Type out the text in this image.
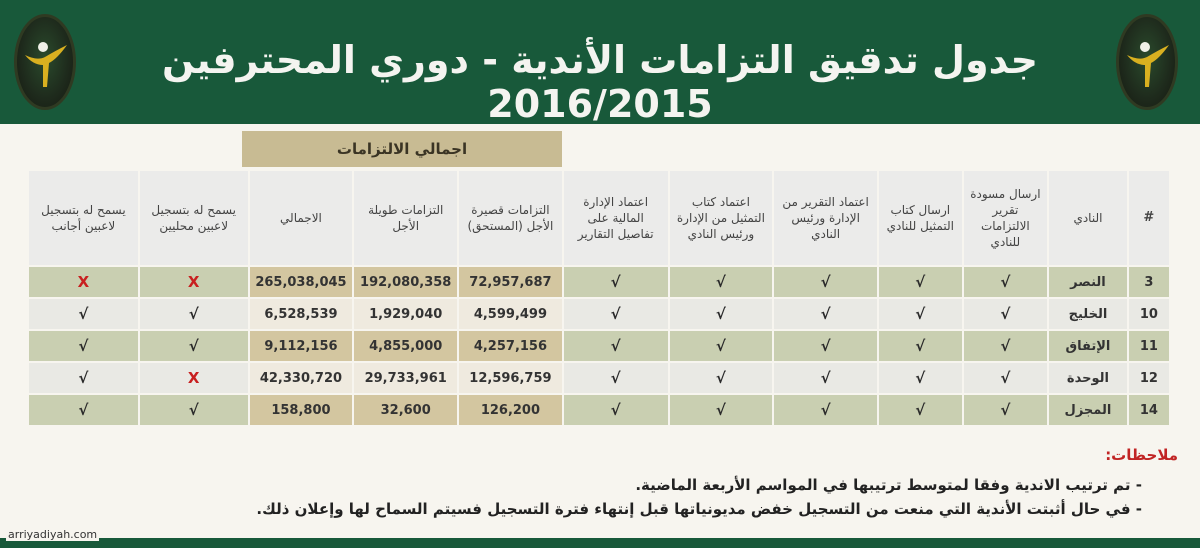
جدول تدقيق التزامات الأندية - دوري المحترفين 2016/2015
اجمالي الالتزامات
#	النادي	ارسال مسودة تقرير الالتزامات للنادي	ارسال كتاب التمثيل للنادي	اعتماد التقرير من الإدارة ورئيس النادي	اعتماد كتاب التمثيل من الإدارة ورئيس النادي	اعتماد الإدارة المالية على تفاصيل التقارير	التزامات قصيرة الأجل (المستحق)	التزامات طويلة الأجل	الاجمالي	يسمح له بتسجيل لاعبين محليين	يسمح له بتسجيل لاعبين أجانب
3	النصر	√	√	√	√	√	72,957,687	192,080,358	265,038,045	X	X
10	الخليج	√	√	√	√	√	4,599,499	1,929,040	6,528,539	√	√
11	الإتفاق	√	√	√	√	√	4,257,156	4,855,000	9,112,156	√	√
12	الوحدة	√	√	√	√	√	12,596,759	29,733,961	42,330,720	X	√
14	المجزل	√	√	√	√	√	126,200	32,600	158,800	√	√
ملاحظات:
- تم ترتيب الاندية وفقا لمتوسط ترتيبها في المواسم الأربعة الماضية.
- في حال أثبتت الأندية التي منعت من التسجيل خفض مديونياتها قبل إنتهاء فترة التسجيل فسيتم السماح لها وإعلان ذلك.
arriyadiyah.com
